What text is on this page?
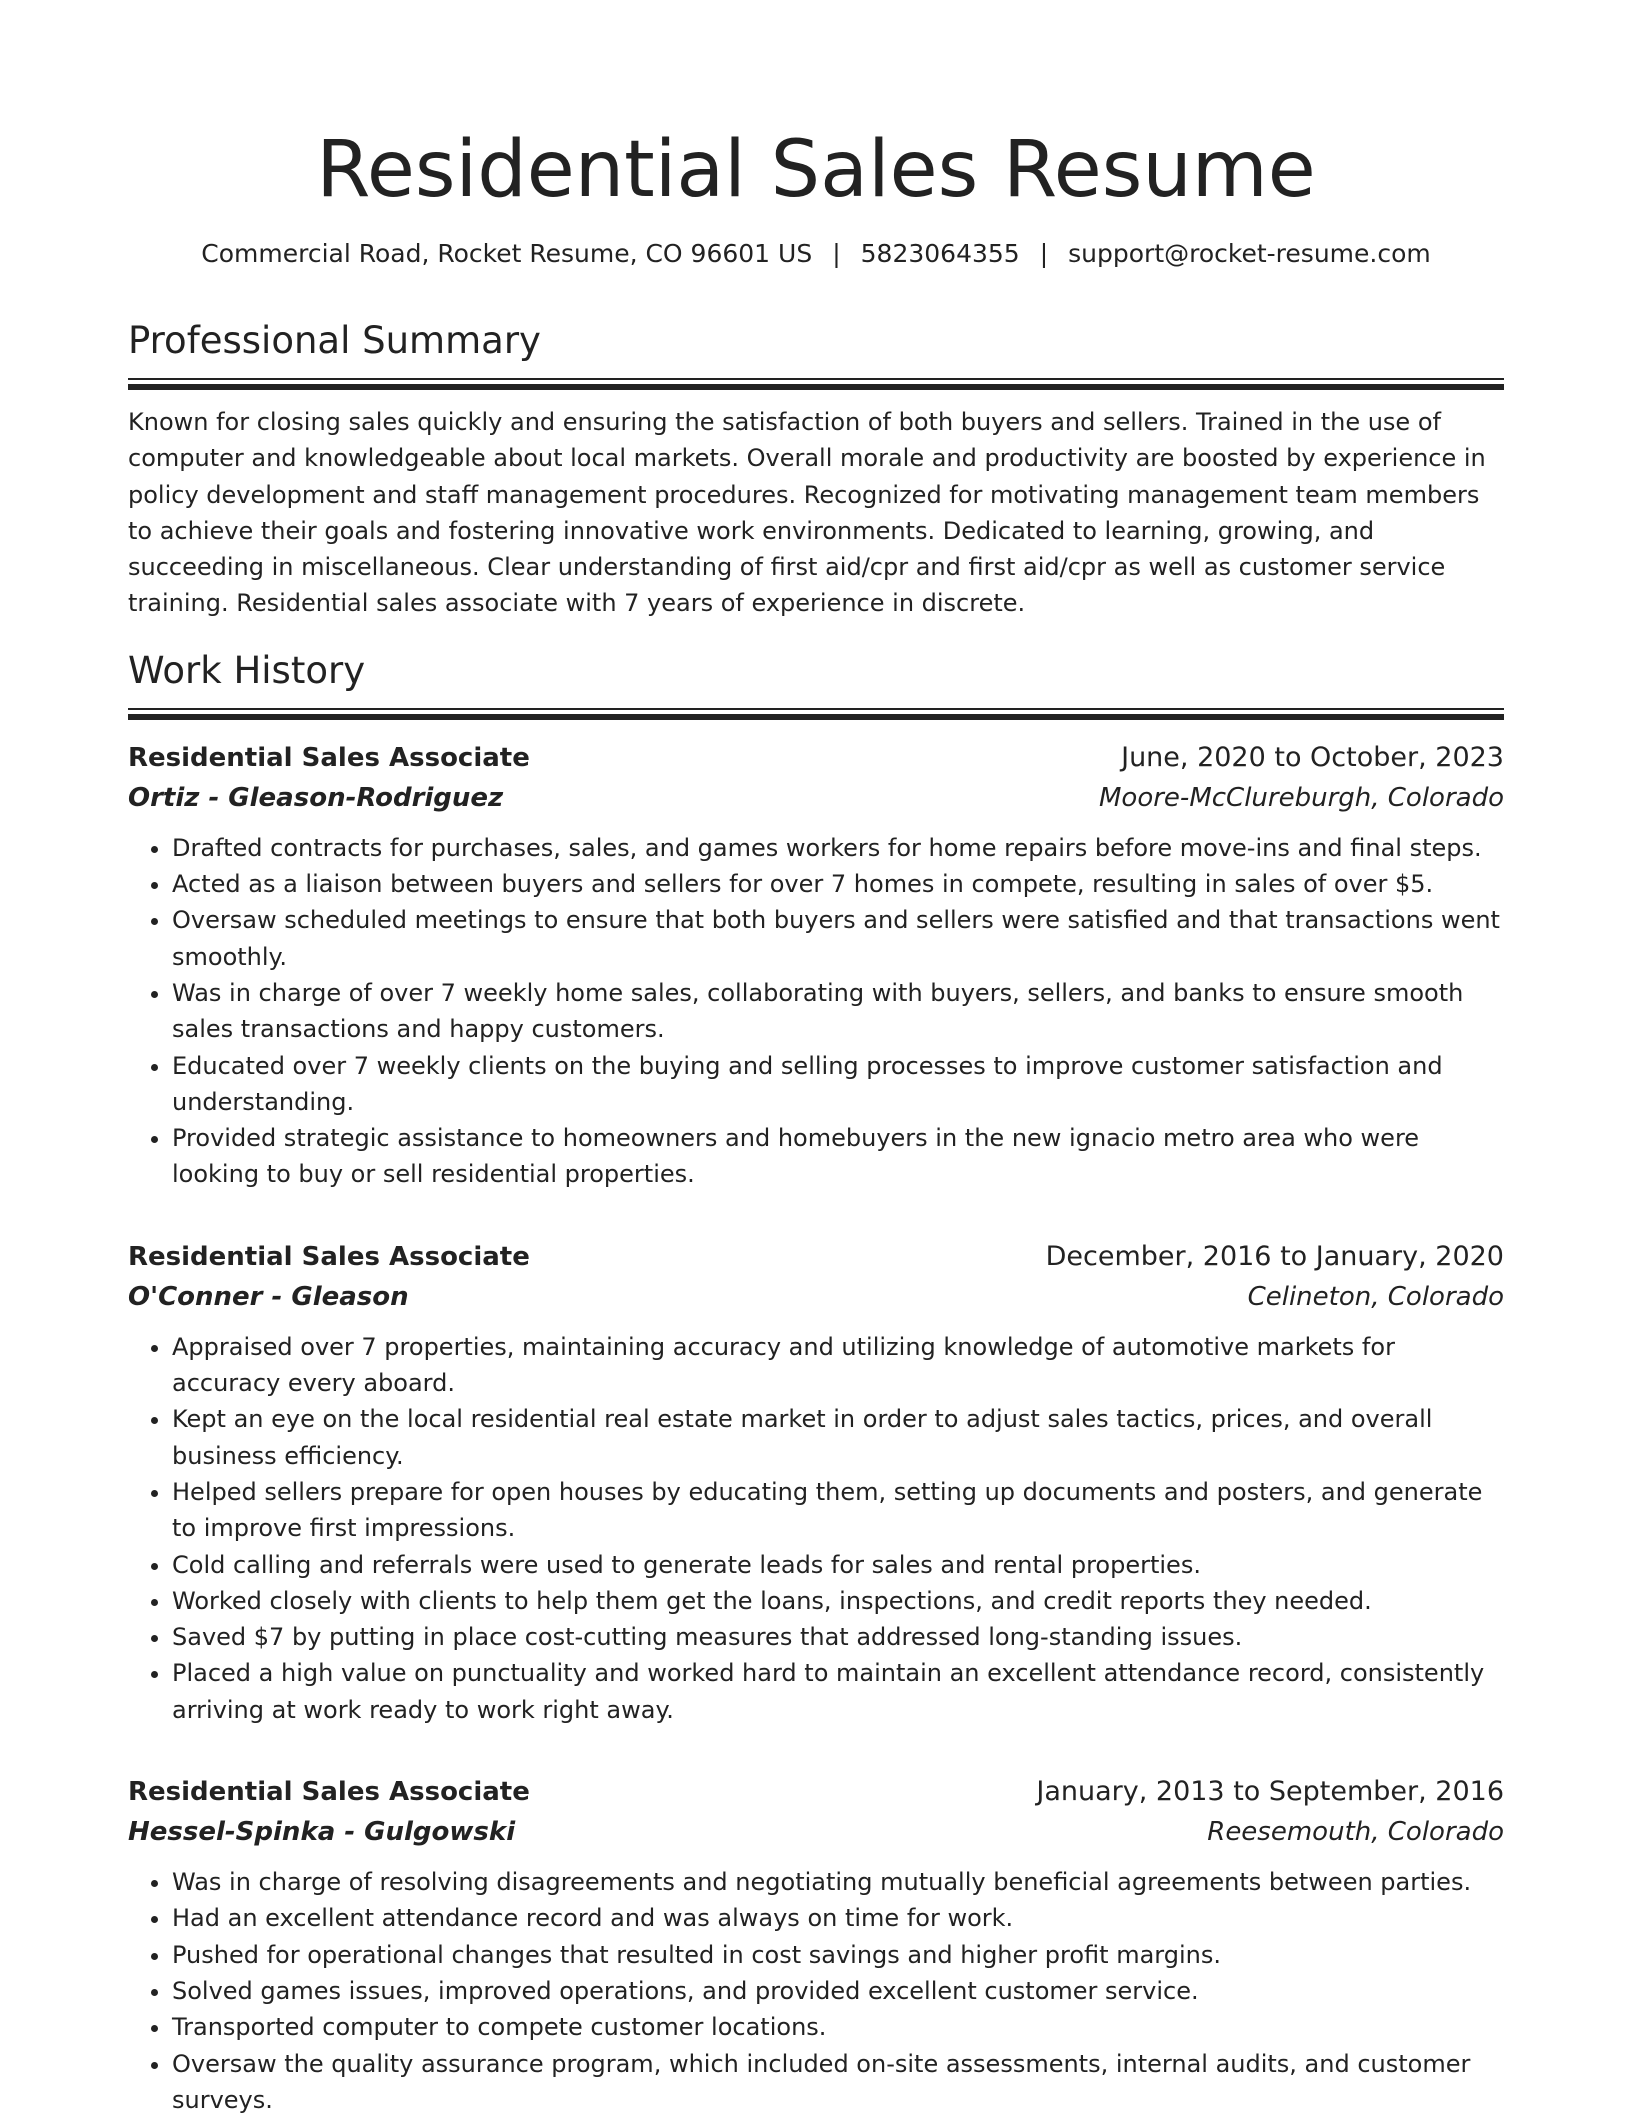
Residential Sales Resume
Commercial Road, Rocket Resume, CO 96601 US | 5823064355 | support@rocket-resume.com
Professional Summary

Known for closing sales quickly and ensuring the satisfaction of both buyers and sellers. Trained in the use of computer and knowledgeable about local markets. Overall morale and productivity are boosted by experience in policy development and staff management procedures. Recognized for motivating management team members to achieve their goals and fostering innovative work environments. Dedicated to learning, growing, and succeeding in miscellaneous. Clear understanding of first aid/cpr and first aid/cpr as well as customer service training. Residential sales associate with 7 years of experience in discrete.

Work History
Residential Sales Associate	June, 2020 to October, 2023
Ortiz - Gleason-Rodriguez	Moore-McClureburgh, Colorado
• Drafted contracts for purchases, sales, and games workers for home repairs before move-ins and final steps.
• Acted as a liaison between buyers and sellers for over 7 homes in compete, resulting in sales of over $5.
• Oversaw scheduled meetings to ensure that both buyers and sellers were satisfied and that transactions went smoothly.
• Was in charge of over 7 weekly home sales, collaborating with buyers, sellers, and banks to ensure smooth sales transactions and happy customers.
• Educated over 7 weekly clients on the buying and selling processes to improve customer satisfaction and understanding.
• Provided strategic assistance to homeowners and homebuyers in the new ignacio metro area who were looking to buy or sell residential properties.
Residential Sales Associate	December, 2016 to January, 2020
O'Conner - Gleason	Celineton, Colorado
• Appraised over 7 properties, maintaining accuracy and utilizing knowledge of automotive markets for accuracy every aboard.
• Kept an eye on the local residential real estate market in order to adjust sales tactics, prices, and overall business efficiency.
• Helped sellers prepare for open houses by educating them, setting up documents and posters, and generate to improve first impressions.
• Cold calling and referrals were used to generate leads for sales and rental properties.
• Worked closely with clients to help them get the loans, inspections, and credit reports they needed.
• Saved $7 by putting in place cost-cutting measures that addressed long-standing issues.
• Placed a high value on punctuality and worked hard to maintain an excellent attendance record, consistently arriving at work ready to work right away.
Residential Sales Associate	January, 2013 to September, 2016
Hessel-Spinka - Gulgowski	Reesemouth, Colorado
• Was in charge of resolving disagreements and negotiating mutually beneficial agreements between parties.
• Had an excellent attendance record and was always on time for work.
• Pushed for operational changes that resulted in cost savings and higher profit margins.
• Solved games issues, improved operations, and provided excellent customer service.
• Transported computer to compete customer locations.
• Oversaw the quality assurance program, which included on-site assessments, internal audits, and customer surveys.
